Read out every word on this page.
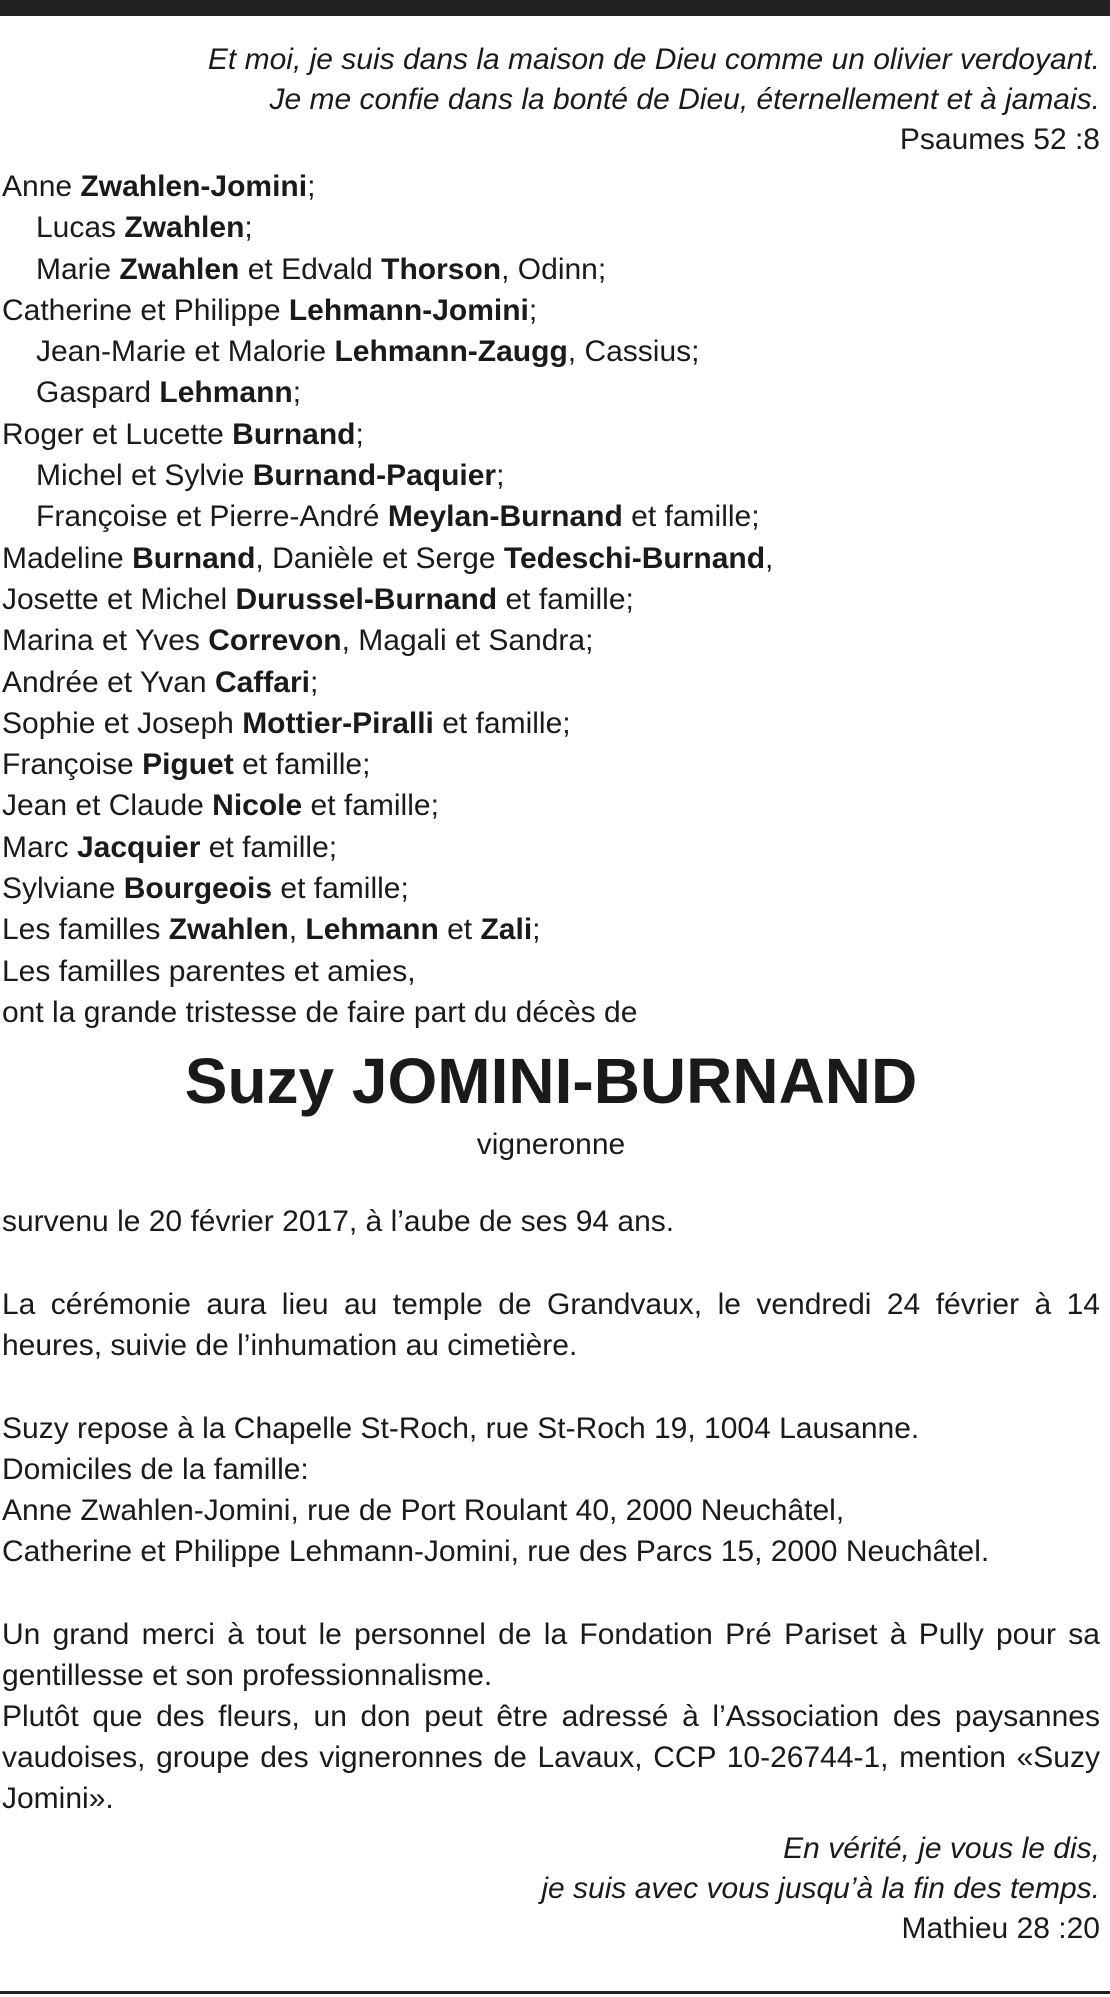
Et moi, je suis dans la maison de Dieu comme un olivier verdoyant.
Je me confie dans la bonté de Dieu, éternellement et à jamais.
Psaumes 52 :8
Anne Zwahlen-Jomini;
Lucas Zwahlen;
Marie Zwahlen et Edvald Thorson, Odinn;
Catherine et Philippe Lehmann-Jomini;
Jean-Marie et Malorie Lehmann-Zaugg, Cassius;
Gaspard Lehmann;
Roger et Lucette Burnand;
Michel et Sylvie Burnand-Paquier;
Françoise et Pierre-André Meylan-Burnand et famille;
Madeline Burnand, Danièle et Serge Tedeschi-Burnand,
Josette et Michel Durussel-Burnand et famille;
Marina et Yves Correvon, Magali et Sandra;
Andrée et Yvan Caffari;
Sophie et Joseph Mottier-Piralli et famille;
Françoise Piguet et famille;
Jean et Claude Nicole et famille;
Marc Jacquier et famille;
Sylviane Bourgeois et famille;
Les familles Zwahlen, Lehmann et Zali;
Les familles parentes et amies,
ont la grande tristesse de faire part du décès de
Suzy JOMINI-BURNAND
vigneronne
survenu le 20 février 2017, à l’aube de ses 94 ans.
La cérémonie aura lieu au temple de Grandvaux, le vendredi 24 février à 14 heures, suivie de l’inhumation au cimetière.
Suzy repose à la Chapelle St-Roch, rue St-Roch 19, 1004 Lausanne.
Domiciles de la famille:
Anne Zwahlen-Jomini, rue de Port Roulant 40, 2000 Neuchâtel,
Catherine et Philippe Lehmann-Jomini, rue des Parcs 15, 2000 Neuchâtel.
Un grand merci à tout le personnel de la Fondation Pré Pariset à Pully pour sa gentillesse et son professionnalisme.
Plutôt que des fleurs, un don peut être adressé à l’Association des paysannes vaudoises, groupe des vigneronnes de Lavaux, CCP 10-26744-1, mention «Suzy Jomini».
En vérité, je vous le dis,
je suis avec vous jusqu’à la fin des temps.
Mathieu 28 :20
